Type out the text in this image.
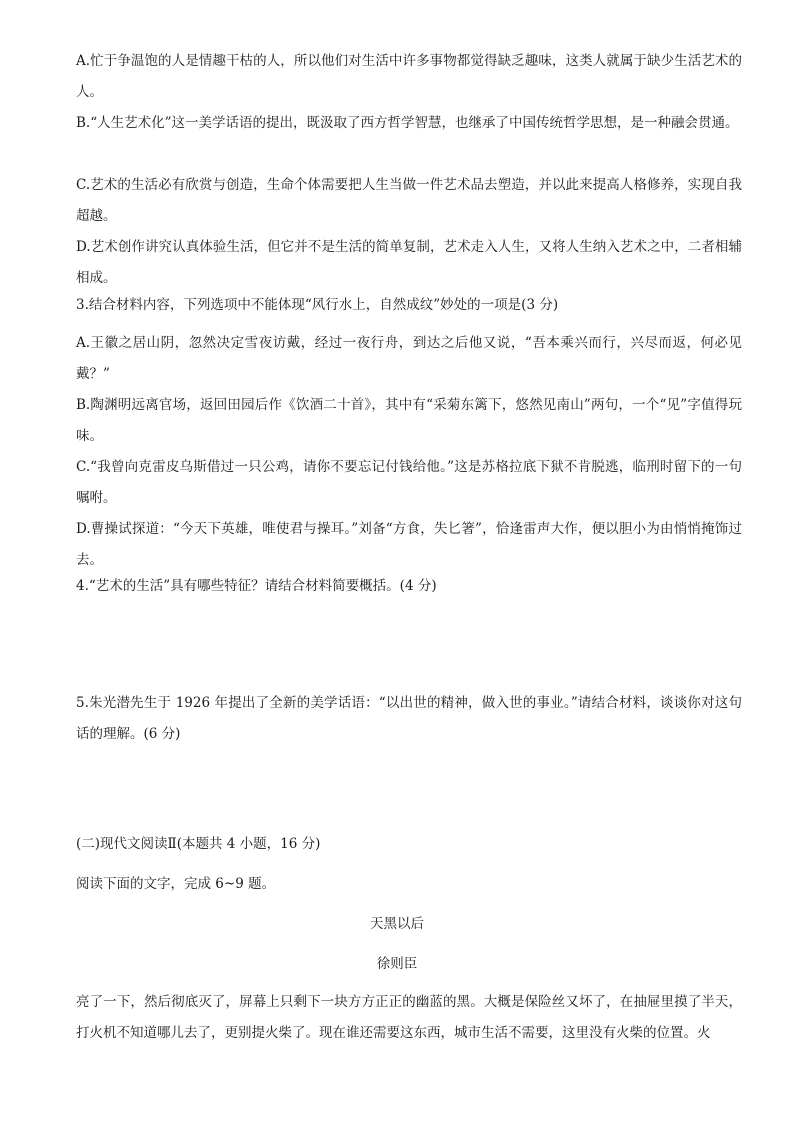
A.忙于争温饱的人是情趣干枯的人，所以他们对生活中许多事物都觉得缺乏趣味，这类人就属于缺少生活艺术的人。

B.“人生艺术化”这一美学话语的提出，既汲取了西方哲学智慧，也继承了中国传统哲学思想，是一种融会贯通。

C.艺术的生活必有欣赏与创造，生命个体需要把人生当做一件艺术品去塑造，并以此来提高人格修养，实现自我超越。

D.艺术创作讲究认真体验生活，但它并不是生活的简单复制，艺术走入人生，又将人生纳入艺术之中，二者相辅相成。

3.结合材料内容，下列选项中不能体现“风行水上，自然成纹”妙处的一项是(3 分)

A.王徽之居山阴，忽然决定雪夜访戴，经过一夜行舟，到达之后他又说，“吾本乘兴而行，兴尽而返，何必见戴？”

B.陶渊明远离官场，返回田园后作《饮酒二十首》，其中有“采菊东篱下，悠然见南山”两句，一个“见”字值得玩味。

C.“我曾向克雷皮乌斯借过一只公鸡，请你不要忘记付钱给他。”这是苏格拉底下狱不肯脱逃，临刑时留下的一句嘱咐。

D.曹操试探道：“今天下英雄，唯使君与操耳。”刘备“方食，失匕箸”，恰逢雷声大作，便以胆小为由悄悄掩饰过去。

4.“艺术的生活”具有哪些特征？请结合材料简要概括。(4 分)

5.朱光潜先生于 1926 年提出了全新的美学话语：“以出世的精神，做入世的事业。”请结合材料，谈谈你对这句话的理解。(6 分)

(二)现代文阅读Ⅱ(本题共 4 小题，16 分)

阅读下面的文字，完成 6~9 题。

天黑以后

徐则臣

亮了一下，然后彻底灭了，屏幕上只剩下一块方方正正的幽蓝的黑。大概是保险丝又坏了，在抽屉里摸了半天，打火机不知道哪儿去了，更别提火柴了。现在谁还需要这东西，城市生活不需要，这里没有火柴的位置。火
